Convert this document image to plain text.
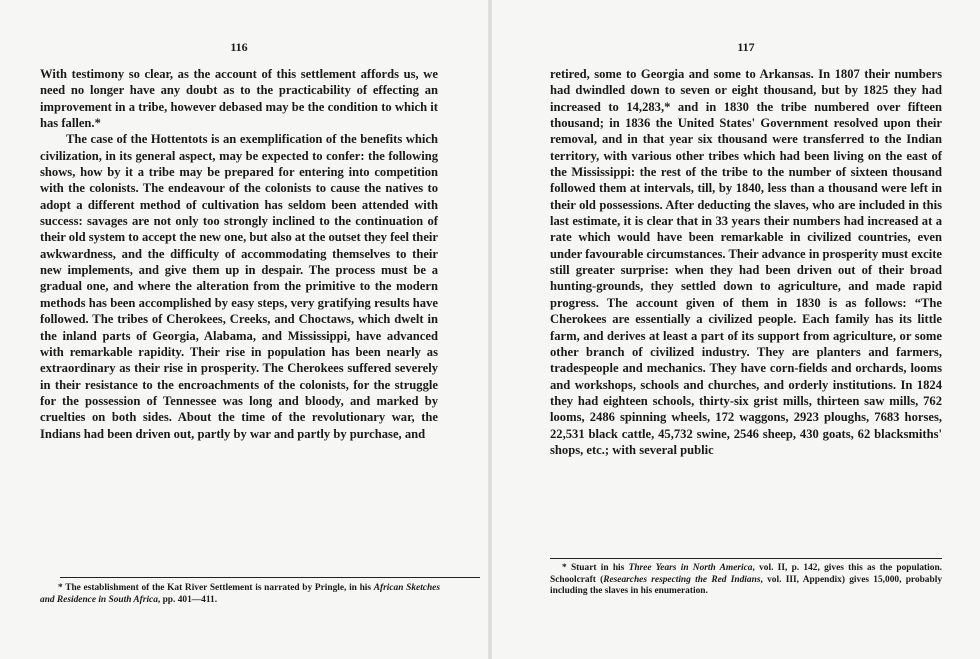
116

With testimony so clear, as the account of this settlement affords us, we need no longer have any doubt as to the practicability of effecting an improvement in a tribe, however debased may be the condition to which it has fallen.*

The case of the Hottentots is an exemplification of the benefits which civilization, in its general aspect, may be expected to confer: the following shows, how by it a tribe may be prepared for entering into competition with the colonists. The endeavour of the colonists to cause the natives to adopt a different method of cultivation has seldom been attended with success: savages are not only too strongly inclined to the continuation of their old system to accept the new one, but also at the outset they feel their awkwardness, and the difficulty of accommodating themselves to their new implements, and give them up in despair. The process must be a gradual one, and where the alteration from the primitive to the modern methods has been accomplished by easy steps, very gratifying results have followed. The tribes of Cherokees, Creeks, and Choctaws, which dwelt in the inland parts of Georgia, Alabama, and Mississippi, have advanced with remarkable rapidity. Their rise in population has been nearly as extraordinary as their rise in prosperity. The Cherokees suffered severely in their resistance to the encroachments of the colonists, for the struggle for the possession of Tennessee was long and bloody, and marked by cruelties on both sides. About the time of the revolutionary war, the Indians had been driven out, partly by war and partly by purchase, and

* The establishment of the Kat River Settlement is narrated by Pringle, in his African Sketches and Residence in South Africa, pp. 401—411.
117

retired, some to Georgia and some to Arkansas. In 1807 their numbers had dwindled down to seven or eight thousand, but by 1825 they had increased to 14,283,* and in 1830 the tribe numbered over fifteen thousand; in 1836 the United States' Government resolved upon their removal, and in that year six thousand were transferred to the Indian territory, with various other tribes which had been living on the east of the Mississippi: the rest of the tribe to the number of sixteen thousand followed them at intervals, till, by 1840, less than a thousand were left in their old possessions. After deducting the slaves, who are included in this last estimate, it is clear that in 33 years their numbers had increased at a rate which would have been remarkable in civilized countries, even under favourable circumstances. Their advance in prosperity must excite still greater surprise: when they had been driven out of their broad hunting-grounds, they settled down to agriculture, and made rapid progress. The account given of them in 1830 is as follows: “The Cherokees are essentially a civilized people. Each family has its little farm, and derives at least a part of its support from agriculture, or some other branch of civilized industry. They are planters and farmers, tradespeople and mechanics. They have corn-fields and orchards, looms and workshops, schools and churches, and orderly institutions. In 1824 they had eighteen schools, thirty-six grist mills, thirteen saw mills, 762 looms, 2486 spinning wheels, 172 waggons, 2923 ploughs, 7683 horses, 22,531 black cattle, 45,732 swine, 2546 sheep, 430 goats, 62 blacksmiths' shops, etc.; with several public

* Stuart in his Three Years in North America, vol. II, p. 142, gives this as the population. Schoolcraft (Researches respecting the Red Indians, vol. III, Appendix) gives 15,000, probably including the slaves in his enumeration.
